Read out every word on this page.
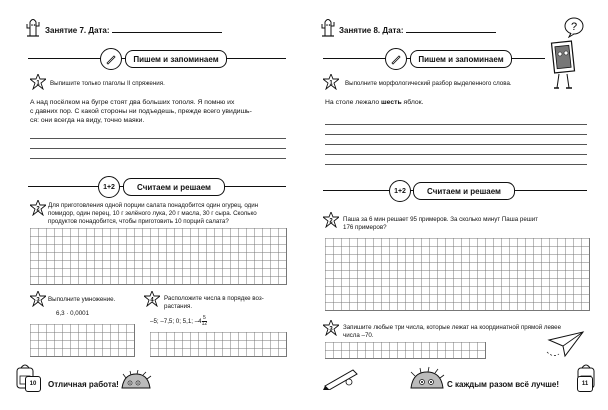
Занятие 7. Дата:
Пишем и запоминаем
1 Выпишите только глаголы II спряжения.
А над посёлком на бугре стоят два больших тополя. Я помню их
с давних пор. С какой стороны ни подъедешь, прежде всего увидишь-
ся: они всегда на виду, точно маяки.
1+2	Считаем и решаем
2
Для приготовления одной порции салата понадобится один огурец, один
помидор, один перец, 10 г зелёного лука, 20 г масла, 30 г сыра. Сколько
продуктов понадобится, чтобы приготовить 10 порций салата?
3 Выполните умножение.
6,3 · 0,0001
4 Расположите числа в порядке воз-
растания.
–5; –7,5; 0; 5,1; $-4 \frac{5}{12}$
10	Отличная работа!
Занятие 8. Дата:	?
Пишем и запоминаем
1 Выполните морфологический разбор выделенного слова.
На столе лежало шесть яблок.
1+2	Считаем и решаем
2 Паша за 6 мин решает 95 примеров. За сколько минут Паша решит
176 примеров?
3 Запишите любые три числа, которые лежат на координатной прямой левее
числа –70.
С каждым разом всё лучше!	11
